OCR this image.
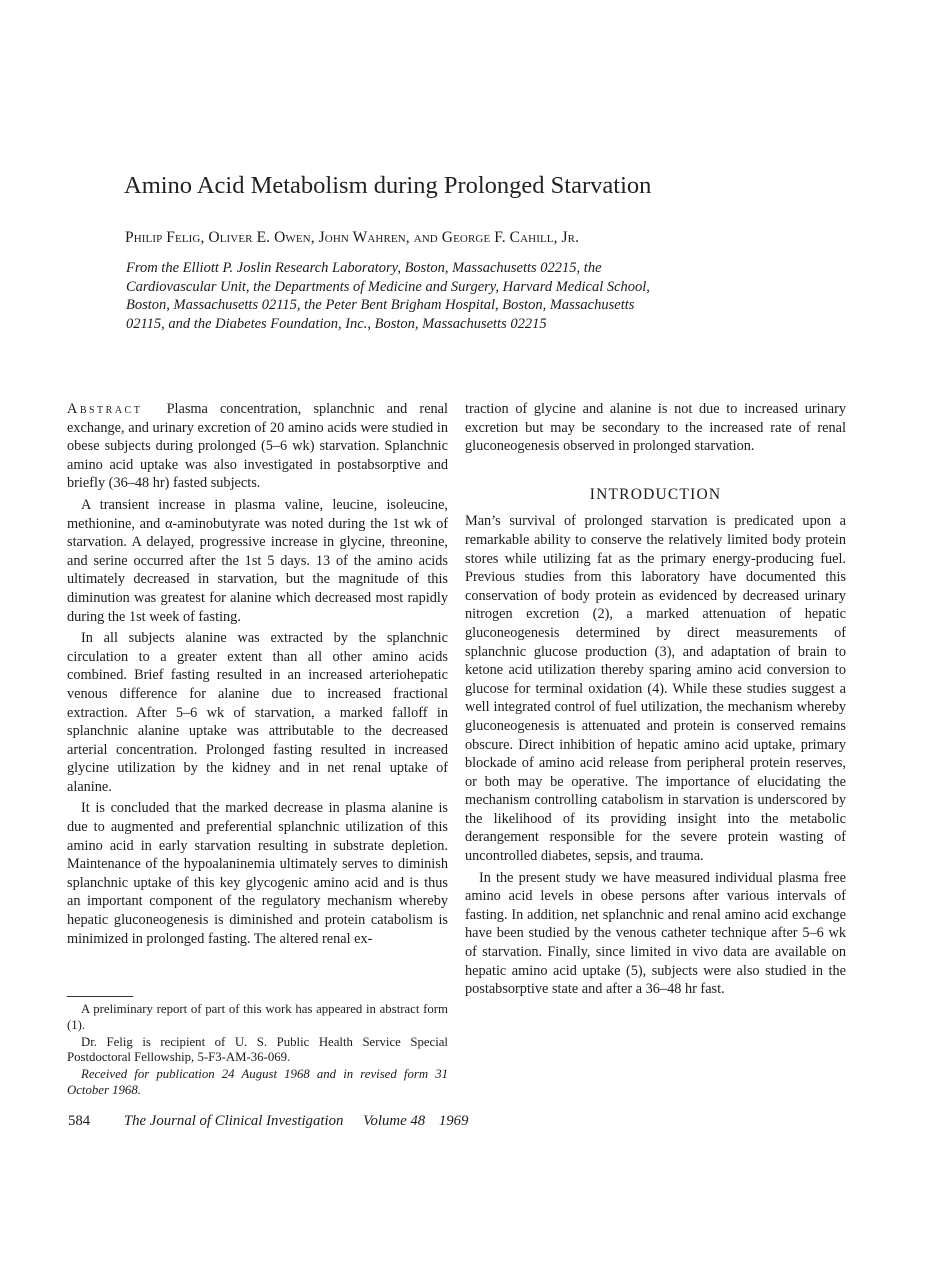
Amino Acid Metabolism during Prolonged Starvation
Philip Felig, Oliver E. Owen, John Wahren, and George F. Cahill, Jr.

From the Elliott P. Joslin Research Laboratory, Boston, Massachusetts 02215, the Cardiovascular Unit, the Departments of Medicine and Surgery, Harvard Medical School, Boston, Massachusetts 02115, the Peter Bent Brigham Hospital, Boston, Massachusetts 02115, and the Diabetes Foundation, Inc., Boston, Massachusetts 02215

Abstract Plasma concentration, splanchnic and renal exchange, and urinary excretion of 20 amino acids were studied in obese subjects during prolonged (5–6 wk) starvation. Splanchnic amino acid uptake was also investigated in postabsorptive and briefly (36–48 hr) fasted subjects.

A transient increase in plasma valine, leucine, isoleucine, methionine, and α-aminobutyrate was noted during the 1st wk of starvation. A delayed, progressive increase in glycine, threonine, and serine occurred after the 1st 5 days. 13 of the amino acids ultimately decreased in starvation, but the magnitude of this diminution was greatest for alanine which decreased most rapidly during the 1st week of fasting.

In all subjects alanine was extracted by the splanchnic circulation to a greater extent than all other amino acids combined. Brief fasting resulted in an increased arteriohepatic venous difference for alanine due to increased fractional extraction. After 5–6 wk of starvation, a marked falloff in splanchnic alanine uptake was attributable to the decreased arterial concentration. Prolonged fasting resulted in increased glycine utilization by the kidney and in net renal uptake of alanine.

It is concluded that the marked decrease in plasma alanine is due to augmented and preferential splanchnic utilization of this amino acid in early starvation resulting in substrate depletion. Maintenance of the hypoalaninemia ultimately serves to diminish splanchnic uptake of this key glycogenic amino acid and is thus an important component of the regulatory mechanism whereby hepatic gluconeogenesis is diminished and protein catabolism is minimized in prolonged fasting. The altered renal ex-

A preliminary report of part of this work has appeared in abstract form (1).

Dr. Felig is recipient of U. S. Public Health Service Special Postdoctoral Fellowship, 5-F3-AM-36-069.

Received for publication 24 August 1968 and in revised form 31 October 1968.

traction of glycine and alanine is not due to increased urinary excretion but may be secondary to the increased rate of renal gluconeogenesis observed in prolonged starvation.

INTRODUCTION

Man’s survival of prolonged starvation is predicated upon a remarkable ability to conserve the relatively limited body protein stores while utilizing fat as the primary energy-producing fuel. Previous studies from this laboratory have documented this conservation of body protein as evidenced by decreased urinary nitrogen excretion (2), a marked attenuation of hepatic gluconeogenesis determined by direct measurements of splanchnic glucose production (3), and adaptation of brain to ketone acid utilization thereby sparing amino acid conversion to glucose for terminal oxidation (4). While these studies suggest a well integrated control of fuel utilization, the mechanism whereby gluconeogenesis is attenuated and protein is conserved remains obscure. Direct inhibition of hepatic amino acid uptake, primary blockade of amino acid release from peripheral protein reserves, or both may be operative. The importance of elucidating the mechanism controlling catabolism in starvation is underscored by the likelihood of its providing insight into the metabolic derangement responsible for the severe protein wasting of uncontrolled diabetes, sepsis, and trauma.

In the present study we have measured individual plasma free amino acid levels in obese persons after various intervals of fasting. In addition, net splanchnic and renal amino acid exchange have been studied by the venous catheter technique after 5–6 wk of starvation. Finally, since limited in vivo data are available on hepatic amino acid uptake (5), subjects were also studied in the postabsorptive state and after a 36–48 hr fast.

584 The Journal of Clinical Investigation Volume 48 1969
